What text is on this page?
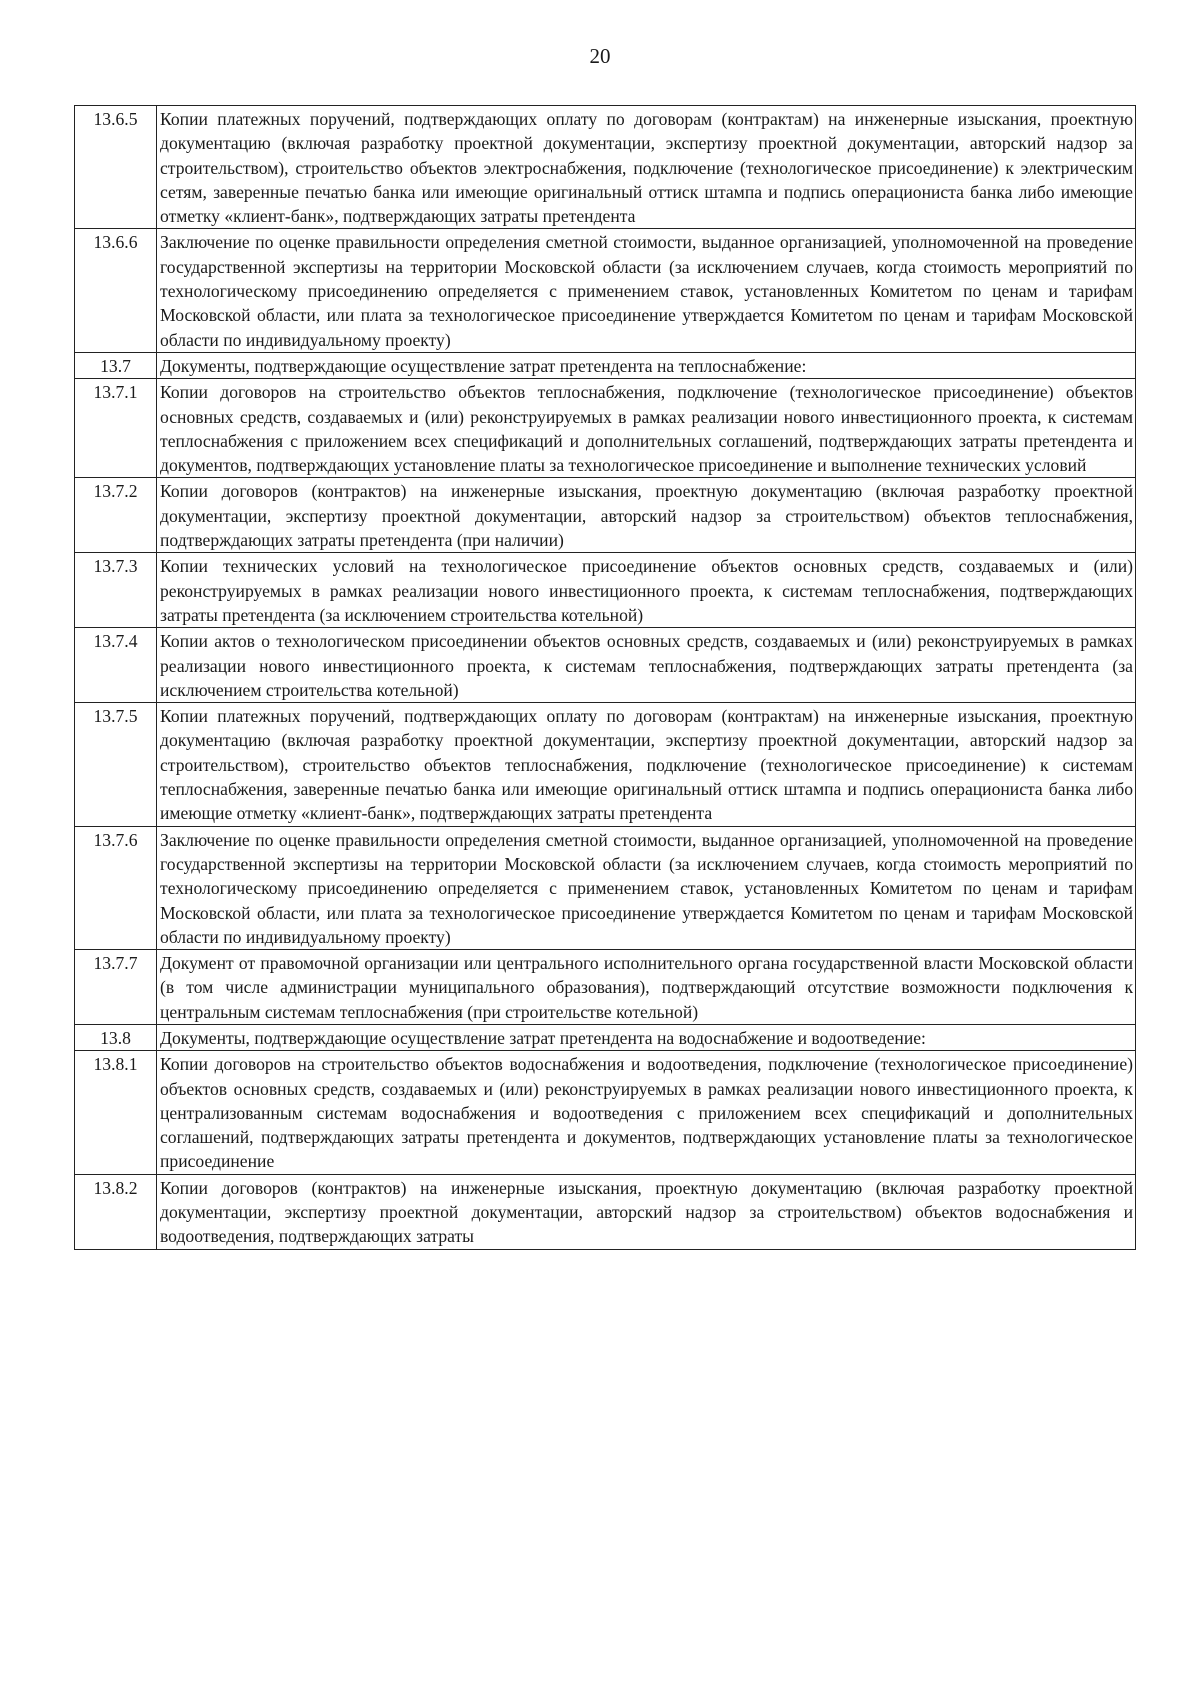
20
13.6.5	Копии платежных поручений, подтверждающих оплату по договорам (контрактам) на инженерные изыскания, проектную документацию (включая разработку проектной документации, экспертизу проектной документации, авторский надзор за строительством), строительство объектов электроснабжения, подключение (технологическое присоединение) к электрическим сетям, заверенные печатью банка или имеющие оригинальный оттиск штампа и подпись операциониста банка либо имеющие отметку «клиент-банк», подтверждающих затраты претендента
13.6.6	Заключение по оценке правильности определения сметной стоимости, выданное организацией, уполномоченной на проведение государственной экспертизы на территории Московской области (за исключением случаев, когда стоимость мероприятий по технологическому присоединению определяется с применением ставок, установленных Комитетом по ценам и тарифам Московской области, или плата за технологическое присоединение утверждается Комитетом по ценам и тарифам Московской области по индивидуальному проекту)
13.7	Документы, подтверждающие осуществление затрат претендента на теплоснабжение:
13.7.1	Копии договоров на строительство объектов теплоснабжения, подключение (технологическое присоединение) объектов основных средств, создаваемых и (или) реконструируемых в рамках реализации нового инвестиционного проекта, к системам теплоснабжения с приложением всех спецификаций и дополнительных соглашений, подтверждающих затраты претендента и документов, подтверждающих установление платы за технологическое присоединение и выполнение технических условий
13.7.2	Копии договоров (контрактов) на инженерные изыскания, проектную документацию (включая разработку проектной документации, экспертизу проектной документации, авторский надзор за строительством) объектов теплоснабжения, подтверждающих затраты претендента (при наличии)
13.7.3	Копии технических условий на технологическое присоединение объектов основных средств, создаваемых и (или) реконструируемых в рамках реализации нового инвестиционного проекта, к системам теплоснабжения, подтверждающих затраты претендента (за исключением строительства котельной)
13.7.4	Копии актов о технологическом присоединении объектов основных средств, создаваемых и (или) реконструируемых в рамках реализации нового инвестиционного проекта, к системам теплоснабжения, подтверждающих затраты претендента (за исключением строительства котельной)
13.7.5	Копии платежных поручений, подтверждающих оплату по договорам (контрактам) на инженерные изыскания, проектную документацию (включая разработку проектной документации, экспертизу проектной документации, авторский надзор за строительством), строительство объектов теплоснабжения, подключение (технологическое присоединение) к системам теплоснабжения, заверенные печатью банка или имеющие оригинальный оттиск штампа и подпись операциониста банка либо имеющие отметку «клиент-банк», подтверждающих затраты претендента
13.7.6	Заключение по оценке правильности определения сметной стоимости, выданное организацией, уполномоченной на проведение государственной экспертизы на территории Московской области (за исключением случаев, когда стоимость мероприятий по технологическому присоединению определяется с применением ставок, установленных Комитетом по ценам и тарифам Московской области, или плата за технологическое присоединение утверждается Комитетом по ценам и тарифам Московской области по индивидуальному проекту)
13.7.7	Документ от правомочной организации или центрального исполнительного органа государственной власти Московской области (в том числе администрации муниципального образования), подтверждающий отсутствие возможности подключения к центральным системам теплоснабжения (при строительстве котельной)
13.8	Документы, подтверждающие осуществление затрат претендента на водоснабжение и водоотведение:
13.8.1	Копии договоров на строительство объектов водоснабжения и водоотведения, подключение (технологическое присоединение) объектов основных средств, создаваемых и (или) реконструируемых в рамках реализации нового инвестиционного проекта, к централизованным системам водоснабжения и водоотведения с приложением всех спецификаций и дополнительных соглашений, подтверждающих затраты претендента и документов, подтверждающих установление платы за технологическое присоединение
13.8.2	Копии договоров (контрактов) на инженерные изыскания, проектную документацию (включая разработку проектной документации, экспертизу проектной документации, авторский надзор за строительством) объектов водоснабжения и водоотведения, подтверждающих затраты
